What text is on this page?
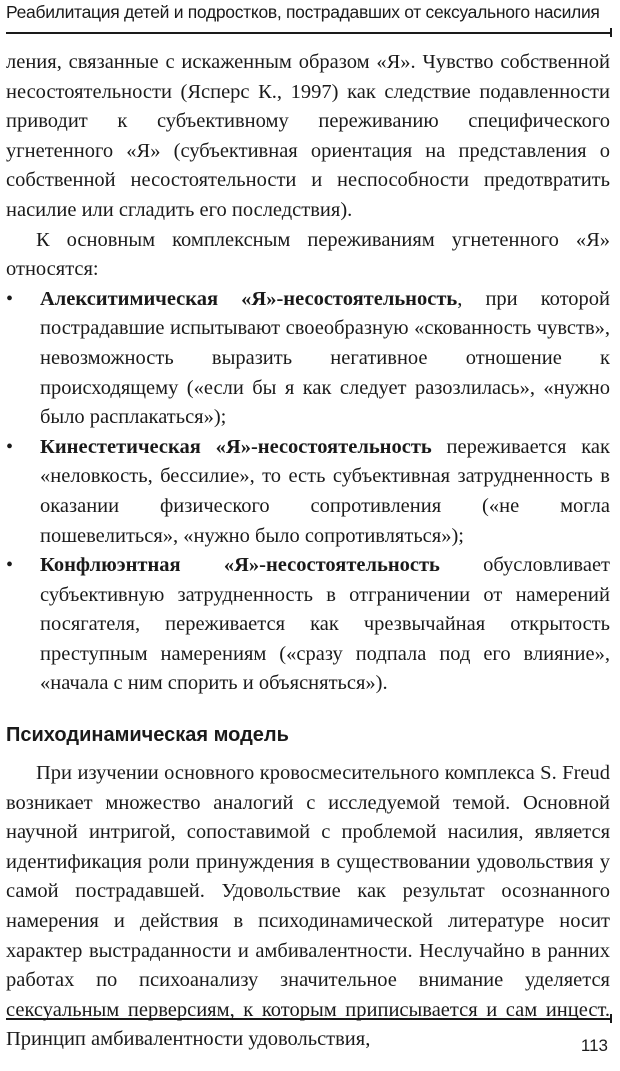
Реабилитация детей и подростков, пострадавших от сексуального насилия

ления, связанные с искаженным образом «Я». Чувство собственной несостоятельности (Ясперс К., 1997) как следствие подавленности приводит к субъективному переживанию специфического угнетенного «Я» (субъективная ориентация на представления о собственной несостоятельности и неспособности предотвратить насилие или сгладить его последствия).

К основным комплексным переживаниям угнетенного «Я» относятся:

• Алекситимическая «Я»-несостоятельность, при которой пострадавшие испытывают своеобразную «скованность чувств», невозможность выразить негативное отношение к происходящему («если бы я как следует разозлилась», «нужно было расплакаться»);
• Кинестетическая «Я»-несостоятельность переживается как «неловкость, бессилие», то есть субъективная затрудненность в оказании физического сопротивления («не могла пошевелиться», «нужно было сопротивляться»);
• Конфлюэнтная «Я»-несостоятельность обусловливает субъективную затрудненность в отграничении от намерений посягателя, переживается как чрезвычайная открытость преступным намерениям («сразу подпала под его влияние», «начала с ним спорить и объясняться»).
Психодинамическая модель

При изучении основного кровосмесительного комплекса S. Freud возникает множество аналогий с исследуемой темой. Основной научной интригой, сопоставимой с проблемой насилия, является идентификация роли принуждения в существовании удовольствия у самой пострадавшей. Удовольствие как результат осознанного намерения и действия в психодинамической литературе носит характер выстраданности и амбивалентности. Неслучайно в ранних работах по психоанализу значительное внимание уделяется сексуальным перверсиям, к которым приписывается и сам инцест. Принцип амбивалентности удовольствия,	113
